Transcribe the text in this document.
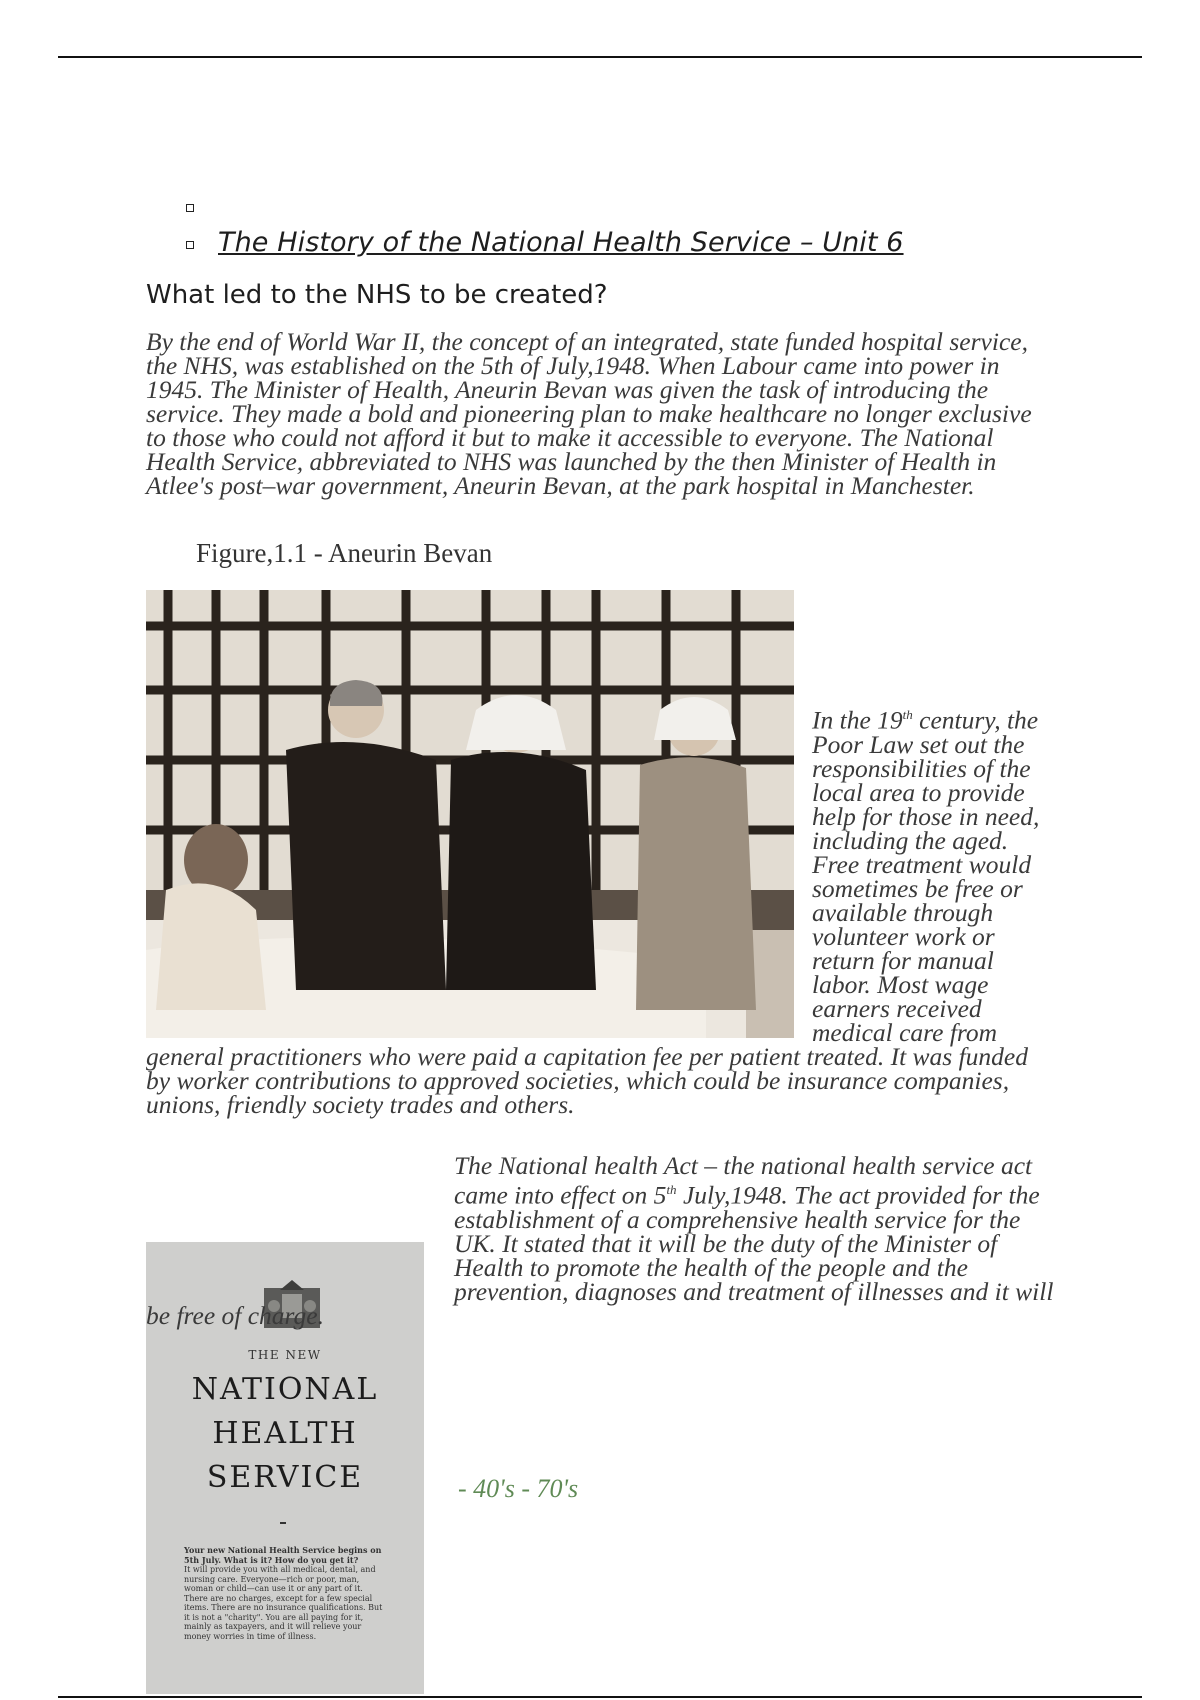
The History of the National Health Service – Unit 6
What led to the NHS to be created?

By the end of World War II, the concept of an integrated, state funded hospital service, the NHS, was established on the 5th of July,1948. When Labour came into power in 1945. The Minister of Health, Aneurin Bevan was given the task of introducing the service. They made a bold and pioneering plan to make healthcare no longer exclusive to those who could not afford it but to make it accessible to everyone. The National Health Service, abbreviated to NHS was launched by the then Minister of Health in Atlee's post–war government, Aneurin Bevan, at the park hospital in Manchester.

Figure,1.1 - Aneurin Bevan

In the 19th century, the Poor Law set out the responsibilities of the local area to provide help for those in need, including the aged. Free treatment would sometimes be free or available through volunteer work or return for manual labor. Most wage earners received medical care from general practitioners who were paid a capitation fee per patient treated. It was funded by worker contributions to approved societies, which could be insurance companies, unions, friendly society trades and others.

THE NEW
NATIONAL
HEALTH
SERVICE
Your new National Health Service begins on 5th July. What is it? How do you get it?
It will provide you with all medical, dental, and nursing care. Everyone—rich or poor, man, woman or child—can use it or any part of it. There are no charges, except for a few special items. There are no insurance qualifications. But it is not a "charity". You are all paying for it, mainly as taxpayers, and it will relieve your money worries in time of illness.

The National health Act – the national health service act came into effect on 5th July,1948. The act provided for the establishment of a comprehensive health service for the UK. It stated that it will be the duty of the Minister of Health to promote the health of the people and the prevention, diagnoses and treatment of illnesses and it will be free of charge.

- 40's - 70's
